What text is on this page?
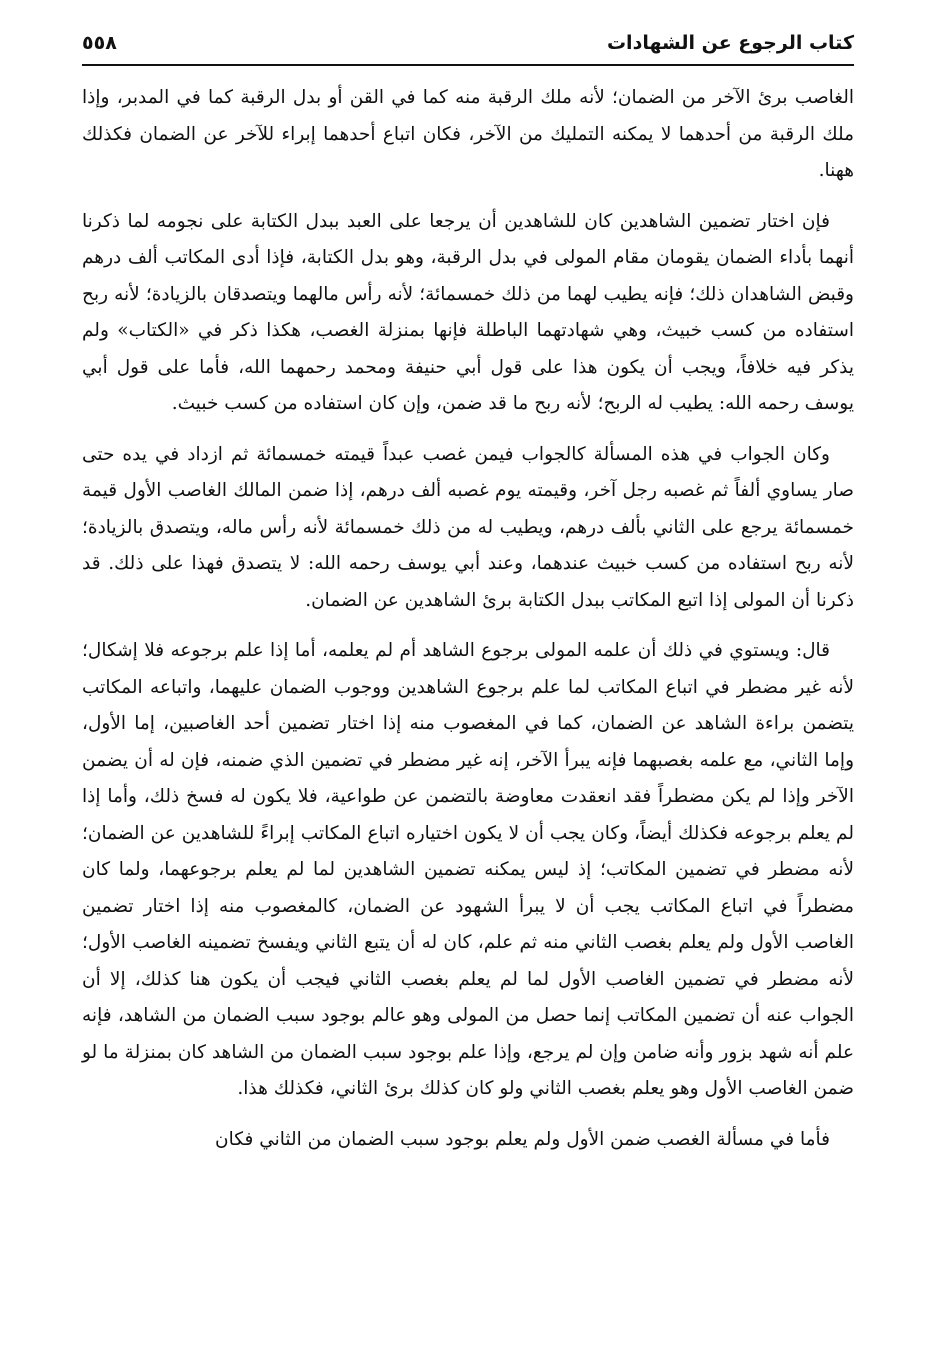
كتاب الرجوع عن الشهادات
٥٥٨

الغاصب برئ الآخر من الضمان؛ لأنه ملك الرقبة منه كما في القن أو بدل الرقبة كما في المدبر، وإذا ملك الرقبة من أحدهما لا يمكنه التمليك من الآخر، فكان اتباع أحدهما إبراء للآخر عن الضمان فكذلك ههنا.

فإن اختار تضمين الشاهدين كان للشاهدين أن يرجعا على العبد ببدل الكتابة على نجومه لما ذكرنا أنهما بأداء الضمان يقومان مقام المولى في بدل الرقبة، وهو بدل الكتابة، فإذا أدى المكاتب ألف درهم وقبض الشاهدان ذلك؛ فإنه يطيب لهما من ذلك خمسمائة؛ لأنه رأس مالهما ويتصدقان بالزيادة؛ لأنه ربح استفاده من كسب خبيث، وهي شهادتهما الباطلة فإنها بمنزلة الغصب، هكذا ذكر في «الكتاب» ولم يذكر فيه خلافاً، ويجب أن يكون هذا على قول أبي حنيفة ومحمد رحمهما الله، فأما على قول أبي يوسف رحمه الله: يطيب له الربح؛ لأنه ربح ما قد ضمن، وإن كان استفاده من كسب خبيث.

وكان الجواب في هذه المسألة كالجواب فيمن غصب عبداً قيمته خمسمائة ثم ازداد في يده حتى صار يساوي ألفاً ثم غصبه رجل آخر، وقيمته يوم غصبه ألف درهم، إذا ضمن المالك الغاصب الأول قيمة خمسمائة يرجع على الثاني بألف درهم، ويطيب له من ذلك خمسمائة لأنه رأس ماله، ويتصدق بالزيادة؛ لأنه ربح استفاده من كسب خبيث عندهما، وعند أبي يوسف رحمه الله: لا يتصدق فهذا على ذلك. قد ذكرنا أن المولى إذا اتبع المكاتب ببدل الكتابة برئ الشاهدين عن الضمان.

قال: ويستوي في ذلك أن علمه المولى برجوع الشاهد أم لم يعلمه، أما إذا علم برجوعه فلا إشكال؛ لأنه غير مضطر في اتباع المكاتب لما علم برجوع الشاهدين ووجوب الضمان عليهما، واتباعه المكاتب يتضمن براءة الشاهد عن الضمان، كما في المغصوب منه إذا اختار تضمين أحد الغاصبين، إما الأول، وإما الثاني، مع علمه بغصبهما فإنه يبرأ الآخر، إنه غير مضطر في تضمين الذي ضمنه، فإن له أن يضمن الآخر وإذا لم يكن مضطراً فقد انعقدت معاوضة بالتضمن عن طواعية، فلا يكون له فسخ ذلك، وأما إذا لم يعلم برجوعه فكذلك أيضاً، وكان يجب أن لا يكون اختياره اتباع المكاتب إبراءً للشاهدين عن الضمان؛ لأنه مضطر في تضمين المكاتب؛ إذ ليس يمكنه تضمين الشاهدين لما لم يعلم برجوعهما، ولما كان مضطراً في اتباع المكاتب يجب أن لا يبرأ الشهود عن الضمان، كالمغصوب منه إذا اختار تضمين الغاصب الأول ولم يعلم بغصب الثاني منه ثم علم، كان له أن يتبع الثاني ويفسخ تضمينه الغاصب الأول؛ لأنه مضطر في تضمين الغاصب الأول لما لم يعلم بغصب الثاني فيجب أن يكون هنا كذلك، إلا أن الجواب عنه أن تضمين المكاتب إنما حصل من المولى وهو عالم بوجود سبب الضمان من الشاهد، فإنه علم أنه شهد بزور وأنه ضامن وإن لم يرجع، وإذا علم بوجود سبب الضمان من الشاهد كان بمنزلة ما لو ضمن الغاصب الأول وهو يعلم بغصب الثاني ولو كان كذلك برئ الثاني، فكذلك هذا.

فأما في مسألة الغصب ضمن الأول ولم يعلم بوجود سبب الضمان من الثاني فكان
